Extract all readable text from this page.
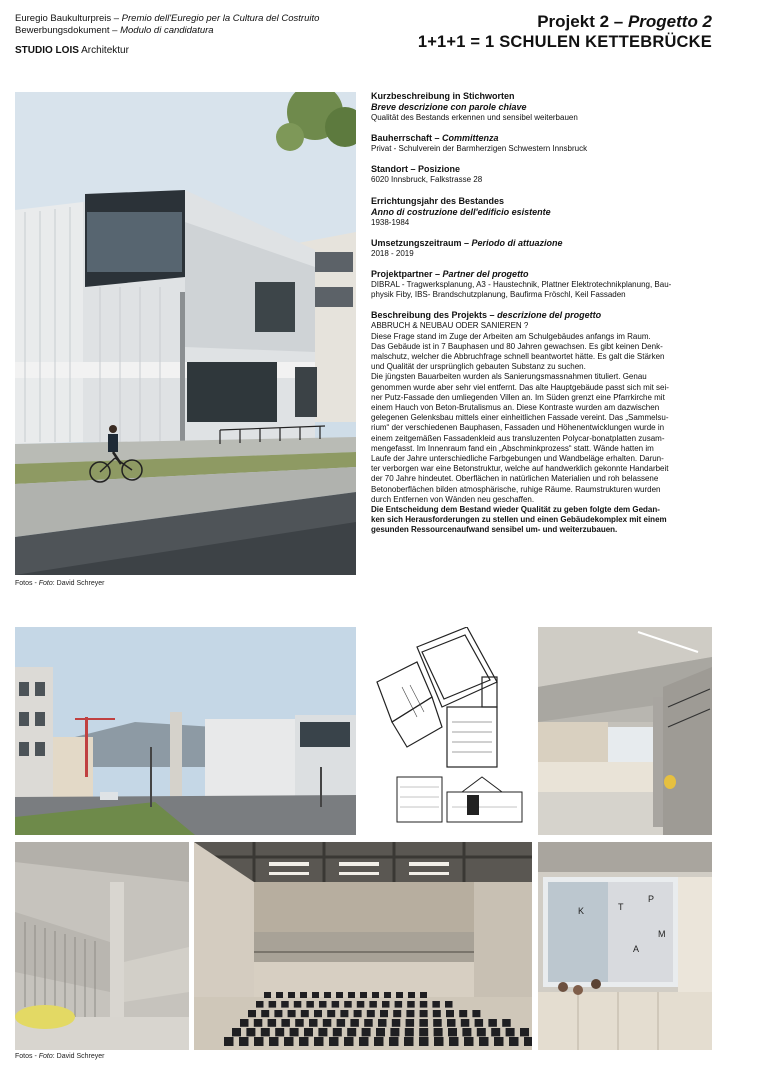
Euregio Baukulturpreis – Premio dell'Euregio per la Cultura del Costruito
Bewerbungsdokument – Modulo di candidatura
STUDIO LOIS Architektur
Projekt 2 – Progetto 2
1+1+1 = 1 SCHULEN KETTEBRÜCKE
Fotos - Foto: David Schreyer
Kurzbeschreibung in Stichworten
Breve descrizione con parole chiave
Qualität des Bestands erkennen und sensibel weiterbauen
Bauherrschaft – Committenza
Privat - Schulverein der Barmherzigen Schwestern Innsbruck
Standort – Posizione
6020 Innsbruck, Falkstrasse 28
Errichtungsjahr des Bestandes
Anno di costruzione dell'edificio esistente
1938-1984
Umsetzungszeitraum – Periodo di attuazione
2018 - 2019
Projektpartner – Partner del progetto
DIBRAL - Tragwerksplanung, A3 - Haustechnik, Plattner Elektrotechnikplanung, Bau-
physik Fiby, IBS- Brandschutzplanung, Baufirma Fröschl, Keil Fassaden
Beschreibung des Projekts – descrizione del progetto
ABBRUCH & NEUBAU ODER SANIEREN ?
Diese Frage stand im Zuge der Arbeiten am Schulgebäudes anfangs im Raum.
Das Gebäude ist in 7 Bauphasen und 80 Jahren gewachsen. Es gibt keinen Denk-
malschutz, welcher die Abbruchfrage schnell beantwortet hätte. Es galt die Stärken
und Qualität der ursprünglich gebauten Substanz zu suchen.
Die jüngsten Bauarbeiten wurden als Sanierungsmassnahmen tituliert. Genau
genommen wurde aber sehr viel entfernt. Das alte Hauptgebäude passt sich mit sei-
ner Putz-Fassade den umliegenden Villen an. Im Süden grenzt eine Pfarrkirche mit
einem Hauch von Beton-Brutalismus an. Diese Kontraste wurden am dazwischen
gelegenen Gelenksbau mittels einer einheitlichen Fassade vereint. Das „Sammelsu-
rium“ der verschiedenen Bauphasen, Fassaden und Höhenentwicklungen wurde in
einem zeitgemäßen Fassadenkleid aus transluzenten Polycar-bonatplatten zusam-
mengefasst. Im Innenraum fand ein „Abschminkprozess“ statt. Wände hatten im
Laufe der Jahre unterschiedliche Farbgebungen und Wandbeläge erhalten. Darun-
ter verborgen war eine Betonstruktur, welche auf handwerklich gekonnte Handarbeit
der 70 Jahre hindeutet. Oberflächen in natürlichen Materialien und roh belassene
Betonoberflächen bilden atmosphärische, ruhige Räume. Raumstrukturen wurden
durch Entfernen von Wänden neu geschaffen.
Die Entscheidung dem Bestand wieder Qualität zu geben folgte dem Gedan-
ken sich Herausforderungen zu stellen und einen Gebäudekomplex mit einem
gesunden Ressourcenaufwand sensibel um- und weiterzubauen.
K	T
P
M
A
Fotos - Foto: David Schreyer
